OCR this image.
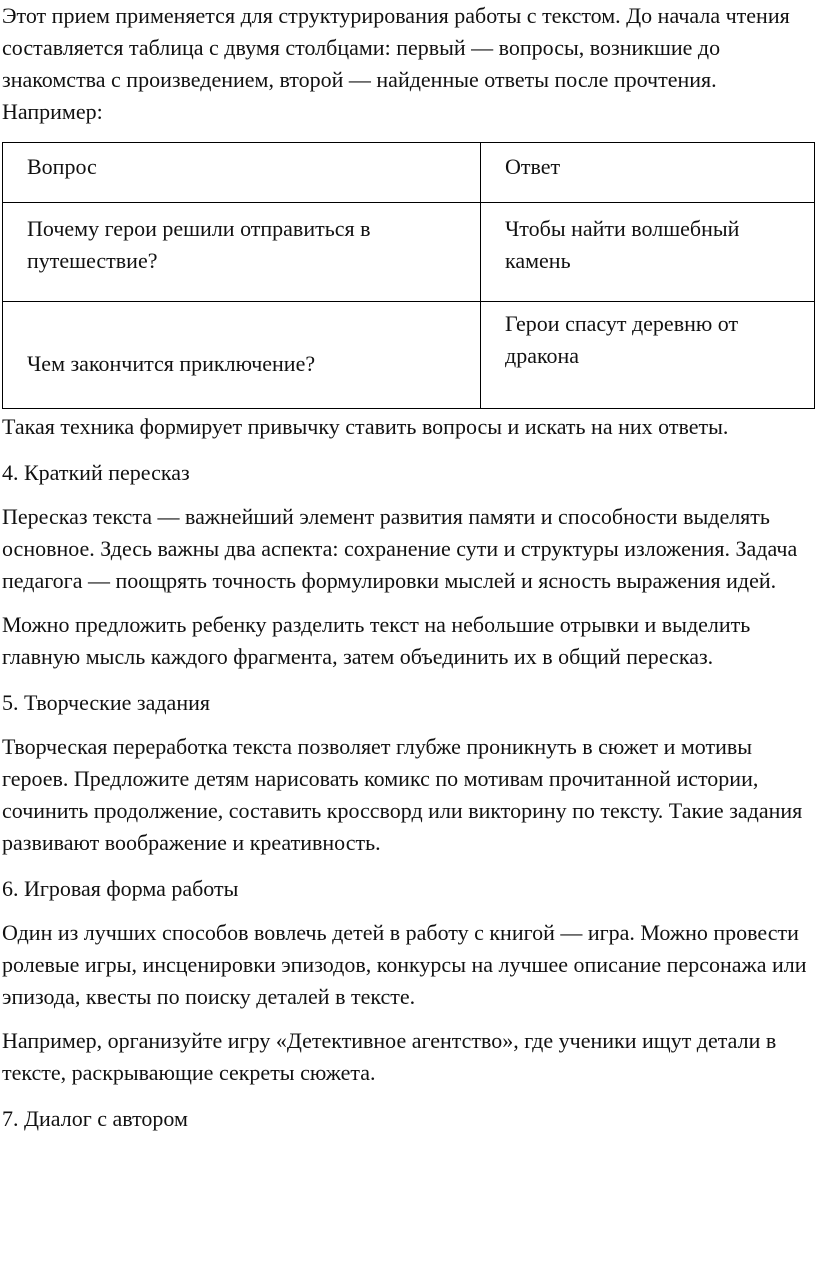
Этот прием применяется для структурирования работы с текстом. До начала чтения составляется таблица с двумя столбцами: первый — вопросы, возникшие до знакомства с произведением, второй — найденные ответы после прочтения. Например:

Вопрос	Ответ
Почему герои решили отправиться в путешествие?	Чтобы найти волшебный камень
Чем закончится приключение?	Герои спасут деревню от дракона

Такая техника формирует привычку ставить вопросы и искать на них ответы.

4. Краткий пересказ

Пересказ текста — важнейший элемент развития памяти и способности выделять основное. Здесь важны два аспекта: сохранение сути и структуры изложения. Задача педагога — поощрять точность формулировки мыслей и ясность выражения идей.

Можно предложить ребенку разделить текст на небольшие отрывки и выделить главную мысль каждого фрагмента, затем объединить их в общий пересказ.

5. Творческие задания

Творческая переработка текста позволяет глубже проникнуть в сюжет и мотивы героев. Предложите детям нарисовать комикс по мотивам прочитанной истории, сочинить продолжение, составить кроссворд или викторину по тексту. Такие задания развивают воображение и креативность.

6. Игровая форма работы

Один из лучших способов вовлечь детей в работу с книгой — игра. Можно провести ролевые игры, инсценировки эпизодов, конкурсы на лучшее описание персонажа или эпизода, квесты по поиску деталей в тексте.

Например, организуйте игру «Детективное агентство», где ученики ищут детали в тексте, раскрывающие секреты сюжета.

7. Диалог с автором
